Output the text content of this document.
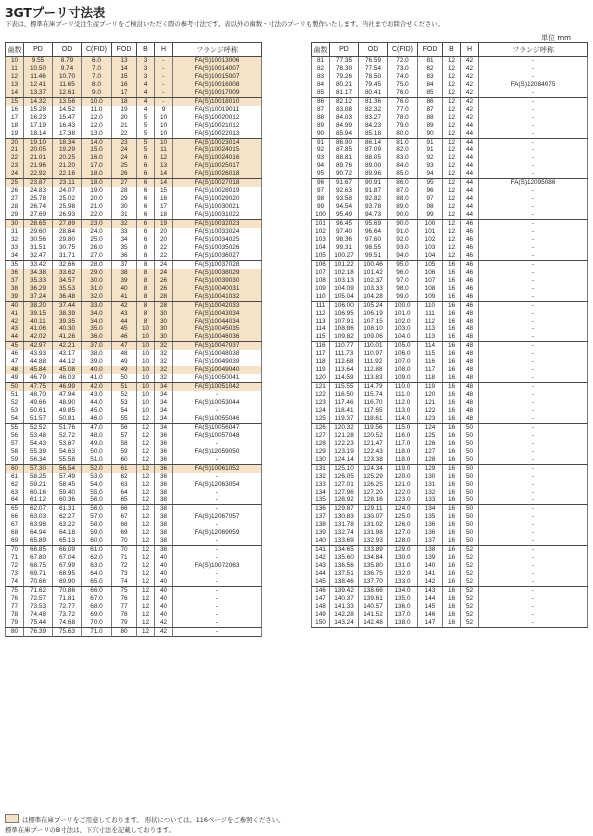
3GTプーリ寸法表
下表は、標準在庫プーリ受注生産プーリをご検討いただく際の参考寸法です。表以外の歯数・寸法のプーリも製作いたします。当社までお問合せください。
単位 mm
歯数	PD	OD	C(FID)	FOD	B	H	フランジ呼称
10	9.55	8.79	6.0	13	3	-	FA(S)10013006
11	10.50	9.74	7.0	14	3	-	FA(S)10014007
12	11.46	10.70	7.0	15	3	-	FA(S)10015007
13	12.41	11.65	8.0	16	4	-	FA(S)10016008
14	13.37	12.61	9.0	17	4	-	FA(S)10017009
15	14.32	13.56	10.0	18	4	-	FA(S)10018010
16	15.28	14.52	11.0	19	4	9	FA(S)10019011
17	16.23	15.47	12.0	20	5	10	FA(S)10020012
18	17.19	16.43	12.0	21	5	10	FA(S)10021012
19	18.14	17.38	13.0	22	5	10	FA(S)10022013
20	19.10	18.34	14.0	23	5	10	FA(S)10023014
21	20.05	19.29	15.0	24	5	11	FA(S)10024015
22	21.01	20.25	16.0	24	6	12	FA(S)10024016
23	21.96	21.20	17.0	25	6	13	FA(S)10025017
24	22.92	22.16	18.0	26	6	14	FA(S)10026018
25	23.87	23.11	18.0	27	6	14	FA(S)10027018
26	24.83	24.07	19.0	28	6	15	FA(S)10028019
27	25.78	25.02	20.0	29	6	16	FA(S)10029020
28	26.74	25.98	21.0	30	6	17	FA(S)10030021
29	27.69	26.93	22.0	31	6	18	FA(S)10031022
30	28.65	27.89	23.0	32	6	19	FA(S)10032023
31	29.60	28.84	24.0	33	6	20	FA(S)10033024
32	30.56	29.80	25.0	34	6	20	FA(S)10034025
33	31.51	30.75	26.0	35	8	22	FA(S)10035026
34	32.47	31.71	27.0	36	8	22	FA(S)10036027
35	33.42	32.66	28.0	37	8	24	FA(S)10037028
36	34.38	33.62	29.0	38	8	24	FA(S)10038029
37	35.33	34.57	30.0	39	8	26	FA(S)10039030
38	36.29	35.53	31.0	40	8	26	FA(S)10040031
39	37.24	36.48	32.0	41	8	28	FA(S)10041032
40	38.20	37.44	33.0	42	8	28	FA(S)10042033
41	39.15	38.39	34.0	43	8	30	FA(S)10043034
42	40.11	39.35	34.0	44	8	30	FA(S)10044034
43	41.06	40.30	35.0	45	10	30	FA(S)10045035
44	42.02	41.26	36.0	46	10	30	FA(S)10046036
45	42.97	42.21	37.0	47	10	32	FA(S)10047037
46	43.93	43.17	38.0	48	10	32	FA(S)10048038
47	44.88	44.12	39.0	49	10	32	FA(S)10049039
48	45.84	45.08	40.0	49	10	32	FA(S)10049040
49	46.79	46.03	41.0	50	10	32	FA(S)10050041
50	47.75	46.99	42.0	51	10	34	FA(S)10051042
51	48.70	47.94	43.0	52	10	34	-
52	49.66	48.90	44.0	53	10	34	FA(S)10053044
53	50.61	49.85	45.0	54	10	34	-
54	51.57	50.81	46.0	55	12	34	FA(S)10055046
55	52.52	51.76	47.0	56	12	34	FA(S)10056047
56	53.48	52.72	48.0	57	12	36	FA(S)10057048
57	54.43	53.67	49.0	58	12	36	-
58	55.39	54.63	50.0	59	12	36	FA(S)12059050
59	56.34	55.58	51.0	60	12	36	-
60	57.30	56.54	52.0	61	12	36	FA(S)10061052
61	58.25	57.49	53.0	62	12	36	-
62	59.21	58.45	54.0	63	12	36	FA(S)12063054
63	60.16	59.40	55.0	64	12	38	-
64	61.12	60.36	56.0	65	12	38	-
65	62.07	61.31	56.0	66	12	38	-
66	63.03	62.27	57.0	67	12	38	FA(S)12067057
67	63.98	63.22	58.0	68	12	38	-
68	64.94	64.18	59.0	69	12	38	FA(S)12069059
69	65.89	65.13	60.0	70	12	38	-
70	66.85	66.09	61.0	70	12	38	-
71	67.80	67.04	62.0	71	12	40	-
72	68.75	67.99	63.0	72	12	40	FA(S)10072063
73	69.71	68.95	64.0	73	12	40	-
74	70.66	69.90	65.0	74	12	40	-
75	71.62	70.86	66.0	75	12	40	-
76	72.57	71.81	67.0	76	12	40	-
77	73.53	72.77	68.0	77	12	40	-
78	74.48	73.72	69.0	78	12	40	-
79	75.44	74.68	70.0	79	12	42	-
80	76.39	75.63	71.0	80	12	42	-
歯数	PD	OD	C(FID)	FOD	B	H	フランジ呼称
81	77.35	76.59	72.0	81	12	42	-
82	78.30	77.54	73.0	82	12	42	-
83	79.26	78.50	74.0	83	12	42	-
84	80.21	79.45	75.0	84	12	42	FA(S)12084075
85	81.17	80.41	76.0	85	12	42	-
86	82.12	81.36	76.0	86	12	42	-
87	83.08	82.32	77.0	87	12	42	-
88	84.03	83.27	78.0	88	12	42	-
89	84.99	84.23	79.0	89	12	44	-
90	85.94	85.18	80.0	90	12	44	-
91	86.90	86.14	81.0	91	12	44	-
92	87.85	87.09	82.0	91	12	44	-
93	88.81	88.05	83.0	92	12	44	-
94	89.76	89.00	84.0	93	12	44	-
95	90.72	89.96	85.0	94	12	44	-
96	91.67	90.91	86.0	95	12	44	FA(S)12095086
97	92.63	91.87	87.0	96	12	44	-
98	93.58	92.82	88.0	97	12	44	-
99	94.54	93.78	89.0	98	12	44	-
100	95.49	94.73	90.0	99	12	44	-
101	96.45	95.69	90.0	100	12	46	-
102	97.40	96.64	91.0	101	12	46	-
103	98.36	97.60	92.0	102	12	46	-
104	99.31	98.55	93.0	103	12	46	-
105	100.27	99.51	94.0	104	12	46	-
106	101.22	100.46	95.0	105	16	46	-
107	102.18	101.42	96.0	106	16	46	-
108	103.13	102.37	97.0	107	16	46	-
109	104.09	103.33	98.0	108	16	46	-
110	105.04	104.28	99.0	109	16	46	-
111	106.00	105.24	100.0	110	16	46	-
112	106.95	106.19	101.0	111	16	48	-
113	107.91	107.15	102.0	112	16	48	-
114	108.86	108.10	103.0	113	16	48	-
115	109.82	109.06	104.0	113	16	48	-
116	110.77	110.01	105.0	114	16	48	-
117	111.73	110.97	106.0	115	16	48	-
118	112.68	111.92	107.0	116	16	48	-
119	113.64	112.88	108.0	117	16	48	-
120	114.59	113.83	109.0	118	16	48	-
121	115.55	114.79	110.0	119	16	48	-
122	116.50	115.74	111.0	120	16	48	-
123	117.46	116.70	112.0	121	16	48	-
124	118.41	117.65	113.0	122	16	48	-
125	119.37	118.61	114.0	123	16	48	-
126	120.32	119.56	115.0	124	16	50	-
127	121.28	120.52	116.0	125	16	50	-
128	122.23	121.47	117.0	126	16	50	-
129	123.19	122.43	118.0	127	16	50	-
130	124.14	123.38	118.0	128	16	50	-
131	125.10	124.34	119.0	129	16	50	-
132	126.05	125.29	120.0	130	16	50	-
133	127.01	126.25	121.0	131	16	50	-
134	127.96	127.20	122.0	132	16	50	-
135	128.92	128.16	123.0	133	16	50	-
136	129.87	129.11	124.0	134	16	50	-
137	130.83	130.07	125.0	135	16	50	-
138	131.78	131.02	126.0	136	16	50	-
139	132.74	131.98	127.0	136	16	50	-
140	133.69	132.93	128.0	137	16	50	-
141	134.65	133.89	129.0	138	16	52	-
142	135.60	134.84	130.0	139	16	52	-
143	136.56	135.80	131.0	140	16	52	-
144	137.51	136.75	132.0	141	16	52	-
145	138.46	137.70	133.0	142	16	52	-
146	139.42	138.66	134.0	143	16	52	-
147	140.37	139.61	135.0	144	16	52	-
148	141.33	140.57	136.0	145	16	52	-
149	142.28	141.52	137.0	146	16	52	-
150	143.24	142.48	138.0	147	16	52	-
は標準在庫プーリをご用意しております。 形状については、116ページをご参照ください。
標準在庫プーリのB寸法は、下穴寸法を記載しております。
